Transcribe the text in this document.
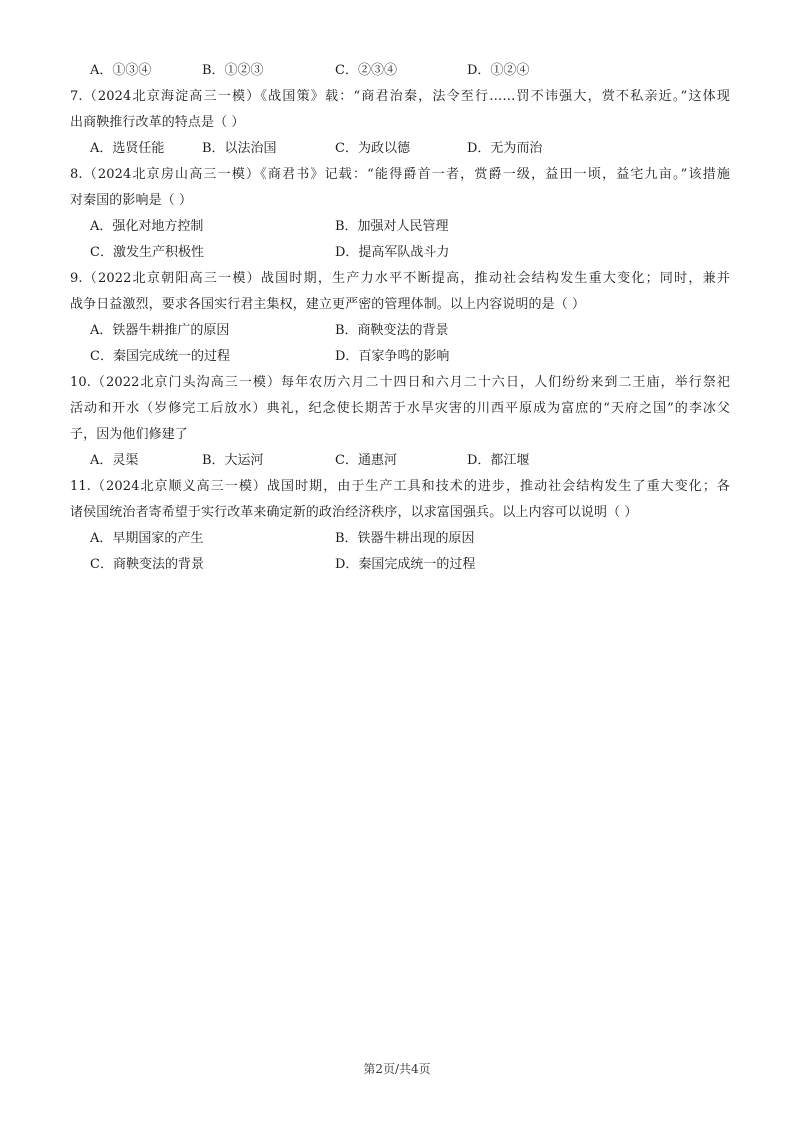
A．①③④	B．①②③	C．②③④	D．①②④
7.（2024北京海淀高三一模）《战国策》载：“商君治秦，法令至行……罚不讳强大，赏不私亲近。”这体现
出商鞅推行改革的特点是（ ）
A．选贤任能	B．以法治国	C．为政以德	D．无为而治
8.（2024北京房山高三一模）《商君书》记载：“能得爵首一者，赏爵一级，益田一顷，益宅九亩。”该措施
对秦国的影响是（ ）
A．强化对地方控制	B．加强对人民管理
C．激发生产积极性	D．提高军队战斗力
9.（2022北京朝阳高三一模）战国时期，生产力水平不断提高，推动社会结构发生重大变化；同时，兼并
战争日益激烈，要求各国实行君主集权，建立更严密的管理体制。以上内容说明的是（ ）
A．铁器牛耕推广的原因	B．商鞅变法的背景
C．秦国完成统一的过程	D．百家争鸣的影响
10.（2022北京门头沟高三一模）每年农历六月二十四日和六月二十六日，人们纷纷来到二王庙，举行祭祀
活动和开水（岁修完工后放水）典礼，纪念使长期苦于水旱灾害的川西平原成为富庶的“天府之国”的李冰父
子，因为他们修建了
A．灵渠	B．大运河	C．通惠河	D．都江堰
11.（2024北京顺义高三一模）战国时期，由于生产工具和技术的进步，推动社会结构发生了重大变化；各
诸侯国统治者寄希望于实行改革来确定新的政治经济秩序，以求富国强兵。以上内容可以说明（ ）
A．早期国家的产生	B．铁器牛耕出现的原因
C．商鞅变法的背景	D．秦国完成统一的过程
第2页/共4页
